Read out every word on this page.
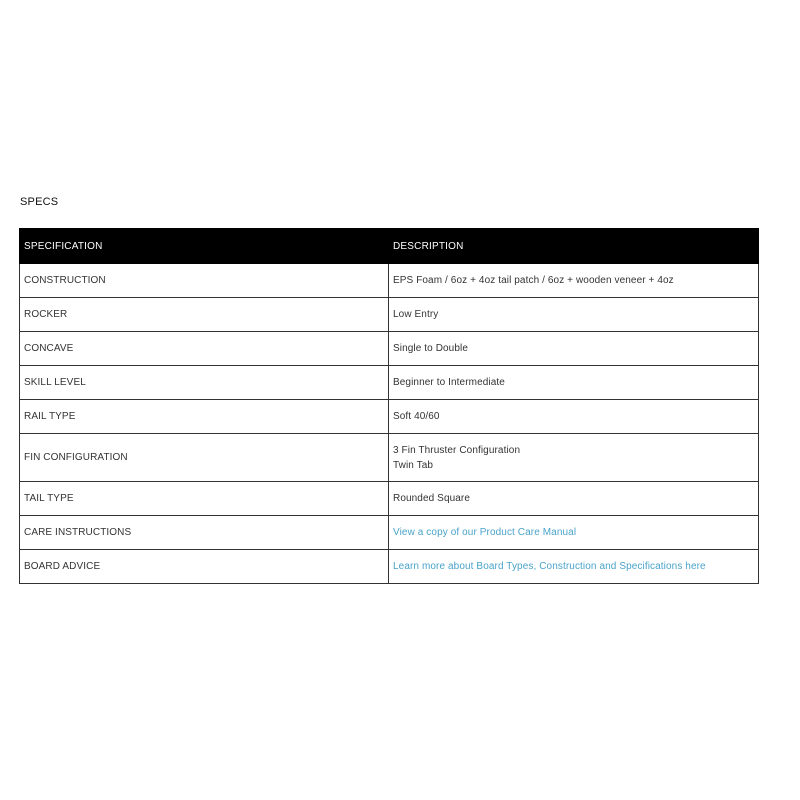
SPECS
SPECIFICATION	DESCRIPTION
CONSTRUCTION	EPS Foam / 6oz + 4oz tail patch / 6oz + wooden veneer + 4oz
ROCKER	Low Entry
CONCAVE	Single to Double
SKILL LEVEL	Beginner to Intermediate
RAIL TYPE	Soft 40/60
FIN CONFIGURATION	3 Fin Thruster Configuration
Twin Tab

TAIL TYPE	Rounded Square
CARE INSTRUCTIONS	View a copy of our Product Care Manual
BOARD ADVICE	Learn more about Board Types, Construction and Specifications here
